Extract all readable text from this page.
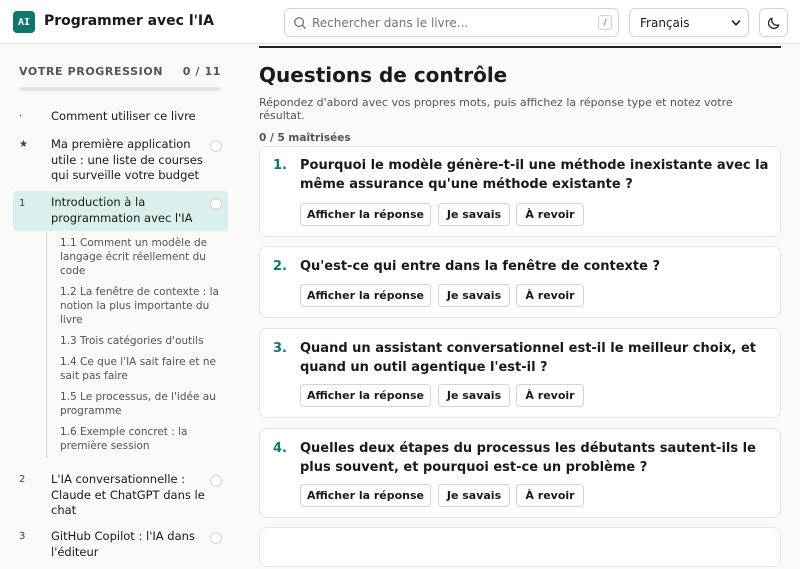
AI Programmer avec l'IA
Rechercher dans le livre...	/	Français
VOTRE PROGRESSION 0 / 11
·	Comment utiliser ce livre
★ Ma première application utile : une liste de courses qui surveille votre budget
1 Introduction à la programmation avec l'IA
1.1 Comment un modèle de langage écrit réellement du code
1.2 La fenêtre de contexte : la notion la plus importante du livre
1.3 Trois catégories d'outils
1.4 Ce que l'IA sait faire et ne sait pas faire
1.5 Le processus, de l'idée au programme
1.6 Exemple concret : la première session
2 L'IA conversationnelle : Claude et ChatGPT dans le chat
3 GitHub Copilot : l'IA dans l'éditeur
Questions de contrôle
Répondez d'abord avec vos propres mots, puis affichez la réponse type et notez votre résultat.
0 / 5 maîtrisées
1. Pourquoi le modèle génère-t-il une méthode inexistante avec la même assurance qu'une méthode existante ?
Afficher la réponse	Je savais	À revoir
2. Qu'est-ce qui entre dans la fenêtre de contexte ?
Afficher la réponse	Je savais	À revoir
3. Quand un assistant conversationnel est-il le meilleur choix, et quand un outil agentique l'est-il ?
Afficher la réponse	Je savais	À revoir
4. Quelles deux étapes du processus les débutants sautent-ils le plus souvent, et pourquoi est-ce un problème ?
Afficher la réponse	Je savais	À revoir
